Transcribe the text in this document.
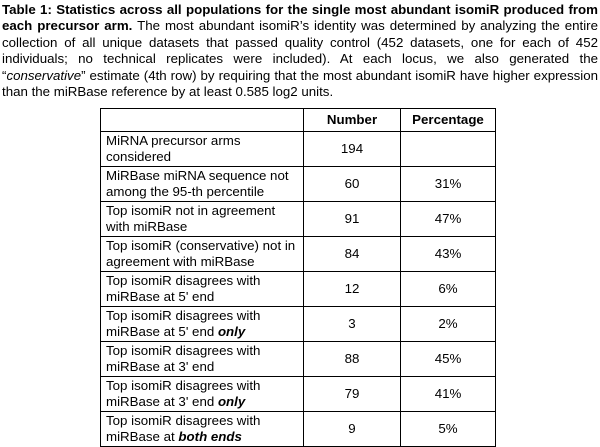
Table 1: Statistics across all populations for the single most abundant isomiR produced from each precursor arm. The most abundant isomiR’s identity was determined by analyzing the entire collection of all unique datasets that passed quality control (452 datasets, one for each of 452 individuals; no technical replicates were included). At each locus, we also generated the “conservative” estimate (4th row) by requiring that the most abundant isomiR have higher expression than the miRBase reference by at least 0.585 log2 units.

	Number	Percentage
MiRNA precursor arms considered	194	
MiRBase miRNA sequence not among the 95-th percentile	60	31%
Top isomiR not in agreement with miRBase	91	47%
Top isomiR (conservative) not in agreement with miRBase	84	43%
Top isomiR disagrees with miRBase at 5' end	12	6%
Top isomiR disagrees with miRBase at 5' end only	3	2%
Top isomiR disagrees with miRBase at 3' end	88	45%
Top isomiR disagrees with miRBase at 3' end only	79	41%
Top isomiR disagrees with miRBase at both ends	9	5%
